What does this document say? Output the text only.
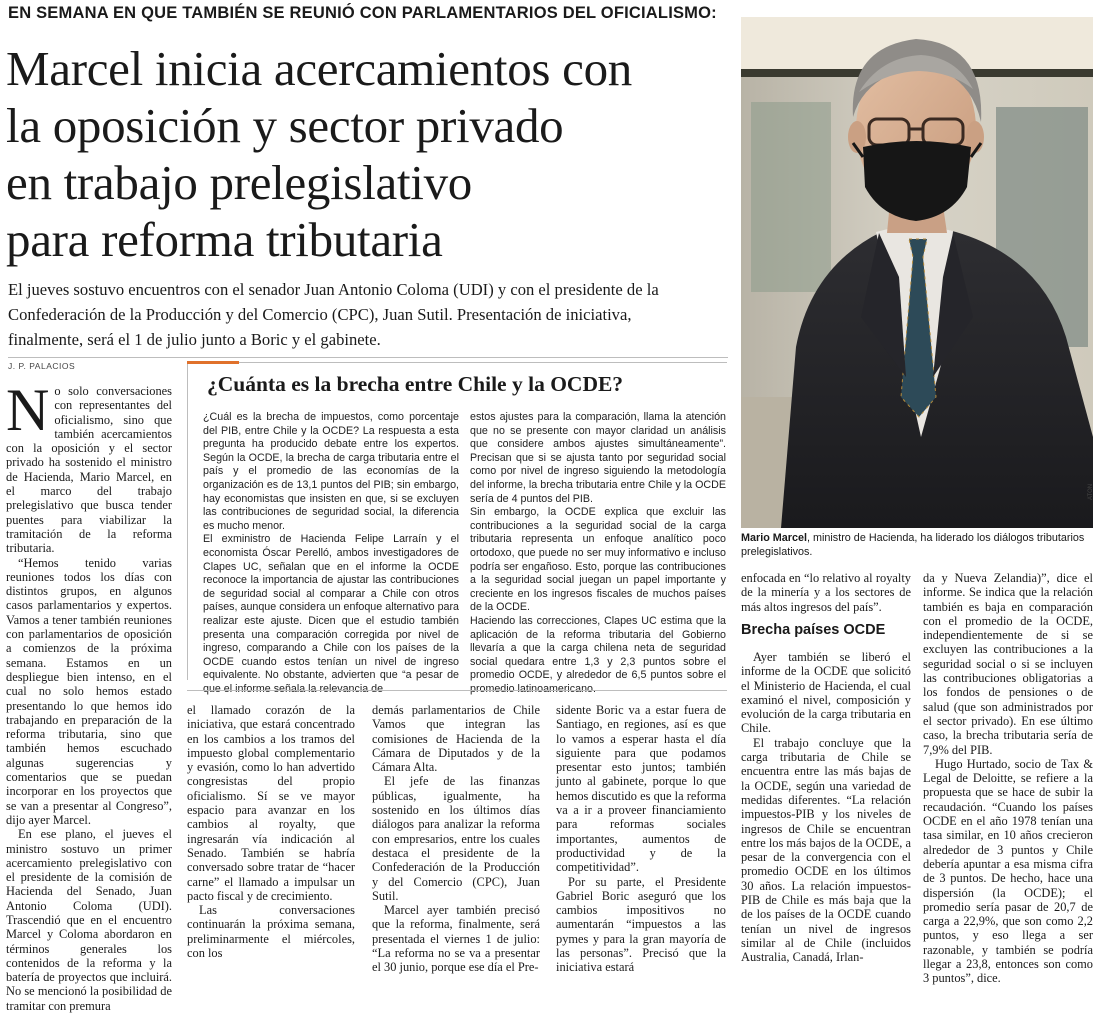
EN SEMANA EN QUE TAMBIÉN SE REUNIÓ CON PARLAMENTARIOS DEL OFICIALISMO:
Marcel inicia acercamientos con
la oposición y sector privado
en trabajo prelegislativo
para reforma tributaria
El jueves sostuvo encuentros con el senador Juan Antonio Coloma (UDI) y con el presidente de la
Confederación de la Producción y del Comercio (CPC), Juan Sutil. Presentación de iniciativa,
finalmente, será el 1 de julio junto a Boric y el gabinete.
J. P. PALACIOS

No solo conversaciones con representantes del oficialismo, sino que también acercamientos con la oposición y el sector privado ha sostenido el ministro de Hacienda, Mario Marcel, en el marco del trabajo prelegislativo que busca tender puentes para viabilizar la tramitación de la reforma tributaria.

“Hemos tenido varias reuniones todos los días con distintos grupos, en algunos casos parlamentarios y expertos. Vamos a tener también reuniones con parlamentarios de oposición a comienzos de la próxima semana. Estamos en un despliegue bien intenso, en el cual no solo hemos estado presentando lo que hemos ido trabajando en preparación de la reforma tributaria, sino que también hemos escuchado algunas sugerencias y comentarios que se puedan incorporar en los proyectos que se van a presentar al Congreso”, dijo ayer Marcel.

En ese plano, el jueves el ministro sostuvo un primer acercamiento prelegislativo con el presidente de la comisión de Hacienda del Senado, Juan Antonio Coloma (UDI). Trascendió que en el encuentro Marcel y Coloma abordaron en términos generales los contenidos de la reforma y la batería de proyectos que incluirá. No se mencionó la posibilidad de tramitar con premura

¿Cuánta es la brecha entre Chile y la OCDE?

¿Cuál es la brecha de impuestos, como porcentaje del PIB, entre Chile y la OCDE? La respuesta a esta pregunta ha producido debate entre los expertos. Según la OCDE, la brecha de carga tributaria entre el país y el promedio de las economías de la organización es de 13,1 puntos del PIB; sin embargo, hay economistas que insisten en que, si se excluyen las contribuciones de seguridad social, la diferencia es mucho menor.

El exministro de Hacienda Felipe Larraín y el economista Óscar Perelló, ambos investigadores de Clapes UC, señalan que en el informe la OCDE reconoce la importancia de ajustar las contribuciones de seguridad social al comparar a Chile con otros países, aunque considera un enfoque alternativo para realizar este ajuste. Dicen que el estudio también presenta una comparación corregida por nivel de ingreso, comparando a Chile con los países de la OCDE cuando estos tenían un nivel de ingreso equivalente. No obstante, advierten que “a pesar de que el informe señala la relevancia de

estos ajustes para la comparación, llama la atención que no se presente con mayor claridad un análisis que considere ambos ajustes simultáneamente”. Precisan que si se ajusta tanto por seguridad social como por nivel de ingreso siguiendo la metodología del informe, la brecha tributaria entre Chile y la OCDE sería de 4 puntos del PIB.

Sin embargo, la OCDE explica que excluir las contribuciones a la seguridad social de la carga tributaria representa un enfoque analítico poco ortodoxo, que puede no ser muy informativo e incluso podría ser engañoso. Esto, porque las contribuciones a la seguridad social juegan un papel importante y creciente en los ingresos fiscales de muchos países de la OCDE.

Haciendo las correcciones, Clapes UC estima que la aplicación de la reforma tributaria del Gobierno llevaría a que la carga chilena neta de seguridad social quedara entre 1,3 y 2,3 puntos sobre el promedio OCDE, y alrededor de 6,5 puntos sobre el promedio latinoamericano.

el llamado corazón de la iniciativa, que estará concentrado en los cambios a los tramos del impuesto global complementario y evasión, como lo han advertido congresistas del propio oficialismo. Sí se ve mayor espacio para avanzar en los cambios al royalty, que ingresarán vía indicación al Senado. También se habría conversado sobre tratar de “hacer carne” el llamado a impulsar un pacto fiscal y de crecimiento.

Las conversaciones continuarán la próxima semana, preliminarmente el miércoles, con los

demás parlamentarios de Chile Vamos que integran las comisiones de Hacienda de la Cámara de Diputados y de la Cámara Alta.

El jefe de las finanzas públicas, igualmente, ha sostenido en los últimos días diálogos para analizar la reforma con empresarios, entre los cuales destaca el presidente de la Confederación de la Producción y del Comercio (CPC), Juan Sutil.

Marcel ayer también precisó que la reforma, finalmente, será presentada el viernes 1 de julio: “La reforma no se va a presentar el 30 junio, porque ese día el Pre-

sidente Boric va a estar fuera de Santiago, en regiones, así es que lo vamos a esperar hasta el día siguiente para que podamos presentar esto juntos; también junto al gabinete, porque lo que hemos discutido es que la reforma va a ir a proveer financiamiento para reformas sociales importantes, aumentos de productividad y de la competitividad”.

Por su parte, el Presidente Gabriel Boric aseguró que los cambios impositivos no aumentarán “impuestos a las pymes y para la gran mayoría de las personas”. Precisó que la iniciativa estará

ATON
Mario Marcel, ministro de Hacienda, ha liderado los diálogos tributarios prelegislativos.

enfocada en “lo relativo al royalty de la minería y a los sectores de más altos ingresos del país”.

Brecha países OCDE

Ayer también se liberó el informe de la OCDE que solicitó el Ministerio de Hacienda, el cual examinó el nivel, composición y evolución de la carga tributaria en Chile.

El trabajo concluye que la carga tributaria de Chile se encuentra entre las más bajas de la OCDE, según una variedad de medidas diferentes. “La relación impuestos-PIB y los niveles de ingresos de Chile se encuentran entre los más bajos de la OCDE, a pesar de la convergencia con el promedio OCDE en los últimos 30 años. La relación impuestos-PIB de Chile es más baja que la de los países de la OCDE cuando tenían un nivel de ingresos similar al de Chile (incluidos Australia, Canadá, Irlan-

da y Nueva Zelandia)”, dice el informe. Se indica que la relación también es baja en comparación con el promedio de la OCDE, independientemente de si se excluyen las contribuciones a la seguridad social o si se incluyen las contribuciones obligatorias a los fondos de pensiones o de salud (que son administrados por el sector privado). En ese último caso, la brecha tributaria sería de 7,9% del PIB.

Hugo Hurtado, socio de Tax & Legal de Deloitte, se refiere a la propuesta que se hace de subir la recaudación. “Cuando los países OCDE en el año 1978 tenían una tasa similar, en 10 años crecieron alrededor de 3 puntos y Chile debería apuntar a esa misma cifra de 3 puntos. De hecho, hace una dispersión (la OCDE); el promedio sería pasar de 20,7 de carga a 22,9%, que son como 2,2 puntos, y eso llega a ser razonable, y también se podría llegar a 23,8, entonces son como 3 puntos”, dice.
